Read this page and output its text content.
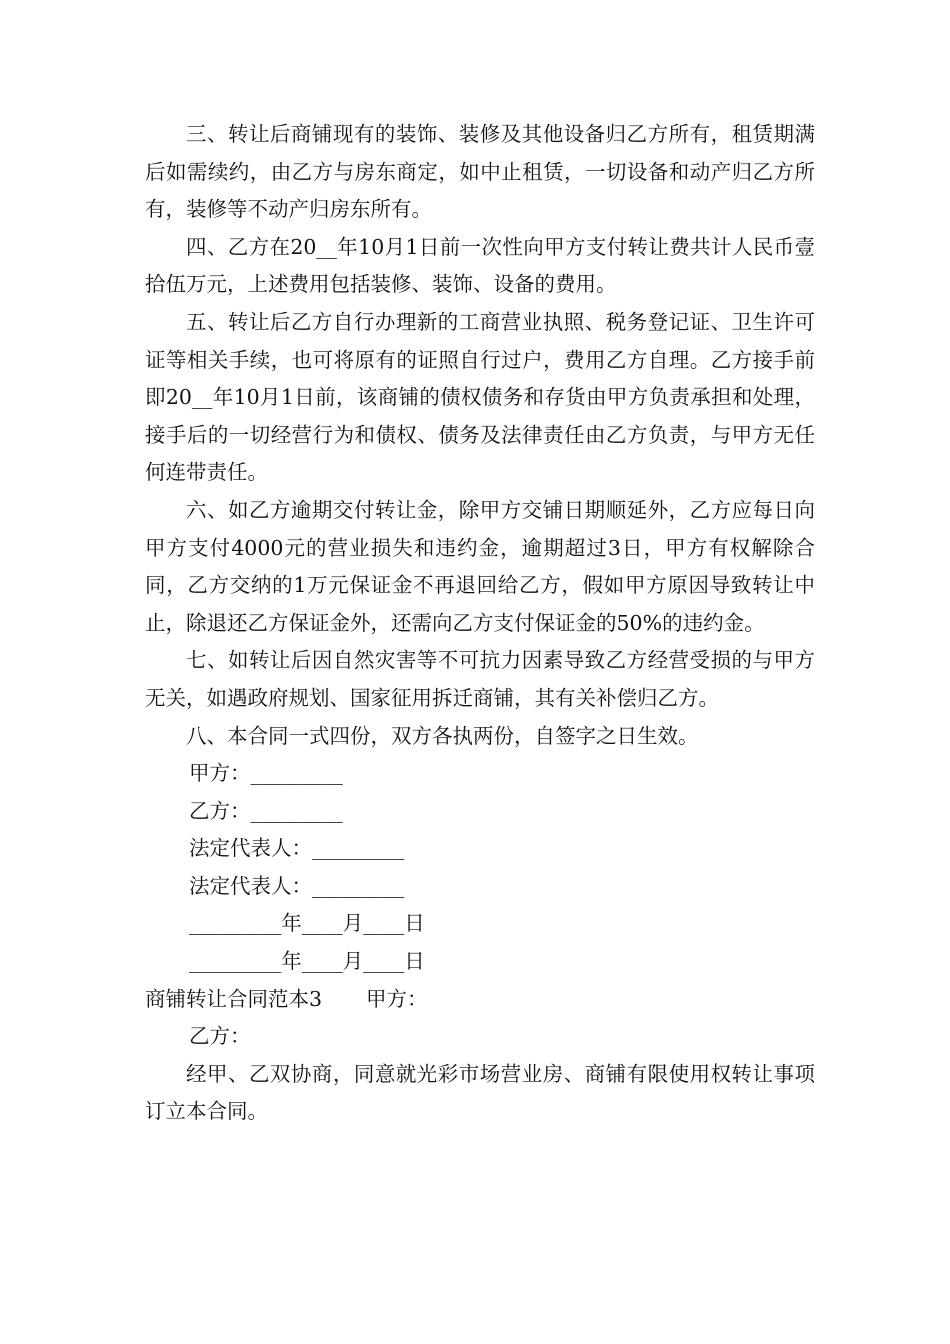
三、转让后商铺现有的装饰、装修及其他设备归乙方所有，租赁期满后如需续约，由乙方与房东商定，如中止租赁，一切设备和动产归乙方所有，装修等不动产归房东所有。

四、乙方在20__年10月1日前一次性向甲方支付转让费共计人民币壹拾伍万元，上述费用包括装修、装饰、设备的费用。

五、转让后乙方自行办理新的工商营业执照、税务登记证、卫生许可证等相关手续，也可将原有的证照自行过户，费用乙方自理。乙方接手前即20__年10月1日前，该商铺的债权债务和存货由甲方负责承担和处理，接手后的一切经营行为和债权、债务及法律责任由乙方负责，与甲方无任何连带责任。

六、如乙方逾期交付转让金，除甲方交铺日期顺延外，乙方应每日向甲方支付4000元的营业损失和违约金，逾期超过3日，甲方有权解除合同，乙方交纳的1万元保证金不再退回给乙方，假如甲方原因导致转让中止，除退还乙方保证金外，还需向乙方支付保证金的50%的违约金。

七、如转让后因自然灾害等不可抗力因素导致乙方经营受损的与甲方无关，如遇政府规划、国家征用拆迁商铺，其有关补偿归乙方。

八、本合同一式四份，双方各执两份，自签字之日生效。

甲方：_________

乙方：_________

法定代表人：_________

法定代表人：_________

_________年____月____日

_________年____月____日

商铺转让合同范本3 甲方：

乙方：

经甲、乙双协商，同意就光彩市场营业房、商铺有限使用权转让事项订立本合同。
